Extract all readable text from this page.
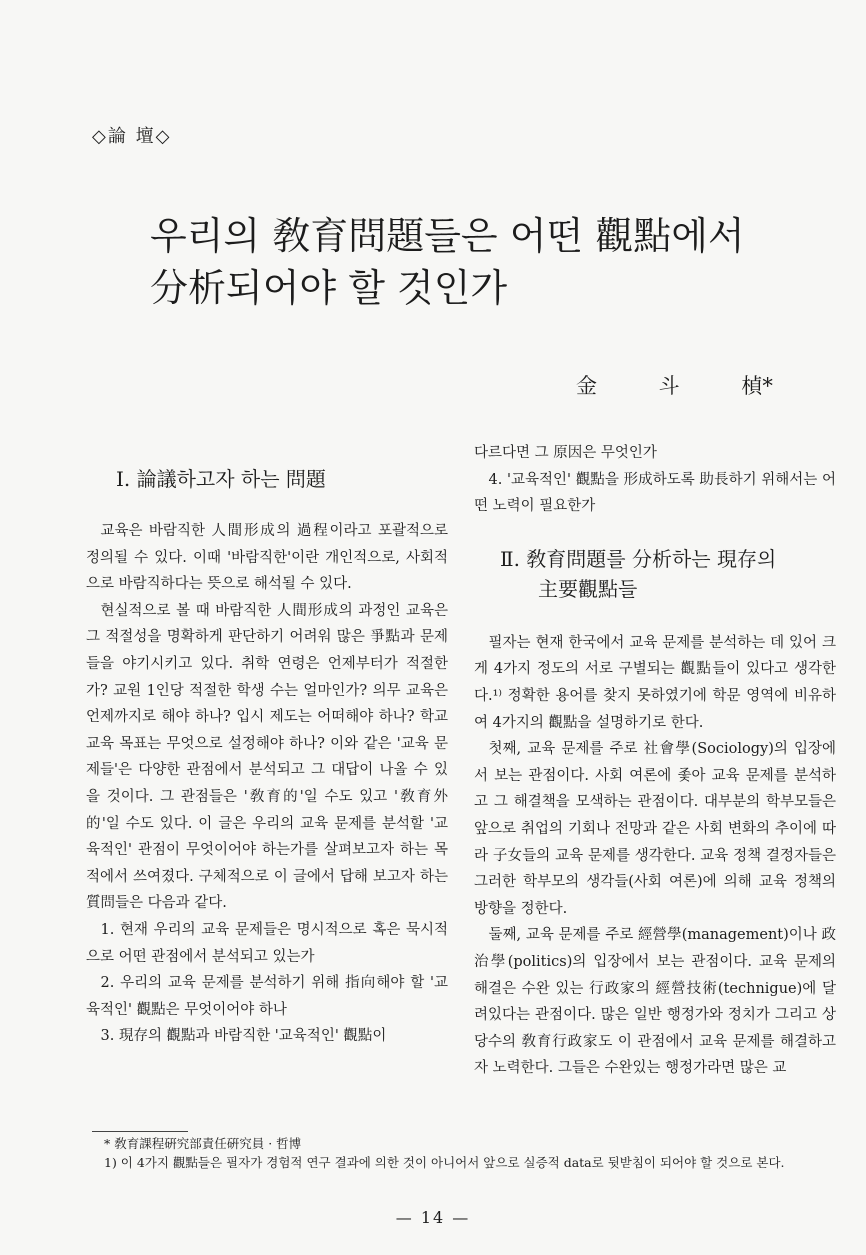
◇論 壇◇
우리의 敎育問題들은 어떤 觀點에서
分析되어야 할 것인가
金 斗 楨*
Ⅰ. 論議하고자 하는 問題

교육은 바람직한 人間形成의 過程이라고 포괄적으로 정의될 수 있다. 이때 '바람직한'이란 개인적으로, 사회적으로 바람직하다는 뜻으로 해석될 수 있다.

현실적으로 볼 때 바람직한 人間形成의 과정인 교육은 그 적절성을 명확하게 판단하기 어려워 많은 爭點과 문제들을 야기시키고 있다. 취학 연령은 언제부터가 적절한가? 교원 1인당 적절한 학생 수는 얼마인가? 의무 교육은 언제까지로 해야 하나? 입시 제도는 어떠해야 하나? 학교 교육 목표는 무엇으로 설정해야 하나? 이와 같은 '교육 문제들'은 다양한 관점에서 분석되고 그 대답이 나올 수 있을 것이다. 그 관점들은 '敎育的'일 수도 있고 '敎育外的'일 수도 있다. 이 글은 우리의 교육 문제를 분석할 '교육적인' 관점이 무엇이어야 하는가를 살펴보고자 하는 목적에서 쓰여졌다. 구체적으로 이 글에서 답해 보고자 하는 質問들은 다음과 같다.

1. 현재 우리의 교육 문제들은 명시적으로 혹은 묵시적으로 어떤 관점에서 분석되고 있는가

2. 우리의 교육 문제를 분석하기 위해 指向해야 할 '교육적인' 觀點은 무엇이어야 하나

3. 現存의 觀點과 바람직한 '교육적인' 觀點이

다르다면 그 原因은 무엇인가

4. '교육적인' 觀點을 形成하도록 助長하기 위해서는 어떤 노력이 필요한가

Ⅱ. 敎育問題를 分析하는 現存의
主要觀點들

필자는 현재 한국에서 교육 문제를 분석하는 데 있어 크게 4가지 정도의 서로 구별되는 觀點들이 있다고 생각한다.¹⁾ 정확한 용어를 찾지 못하였기에 학문 영역에 비유하여 4가지의 觀點을 설명하기로 한다.

첫째, 교육 문제를 주로 社會學(Sociology)의 입장에서 보는 관점이다. 사회 여론에 좇아 교육 문제를 분석하고 그 해결책을 모색하는 관점이다. 대부분의 학부모들은 앞으로 취업의 기회나 전망과 같은 사회 변화의 추이에 따라 子女들의 교육 문제를 생각한다. 교육 정책 결정자들은 그러한 학부모의 생각들(사회 여론)에 의해 교육 정책의 방향을 정한다.

둘째, 교육 문제를 주로 經營學(management)이나 政治學(politics)의 입장에서 보는 관점이다. 교육 문제의 해결은 수완 있는 行政家의 經營技術(technigue)에 달려있다는 관점이다. 많은 일반 행정가와 정치가 그리고 상당수의 敎育行政家도 이 관점에서 교육 문제를 해결하고자 노력한다. 그들은 수완있는 행정가라면 많은 교

* 敎育課程硏究部責任硏究員 · 哲博

1) 이 4가지 觀點들은 필자가 경험적 연구 결과에 의한 것이 아니어서 앞으로 실증적 data로 뒷받침이 되어야 할 것으로 본다.

— 14 —
